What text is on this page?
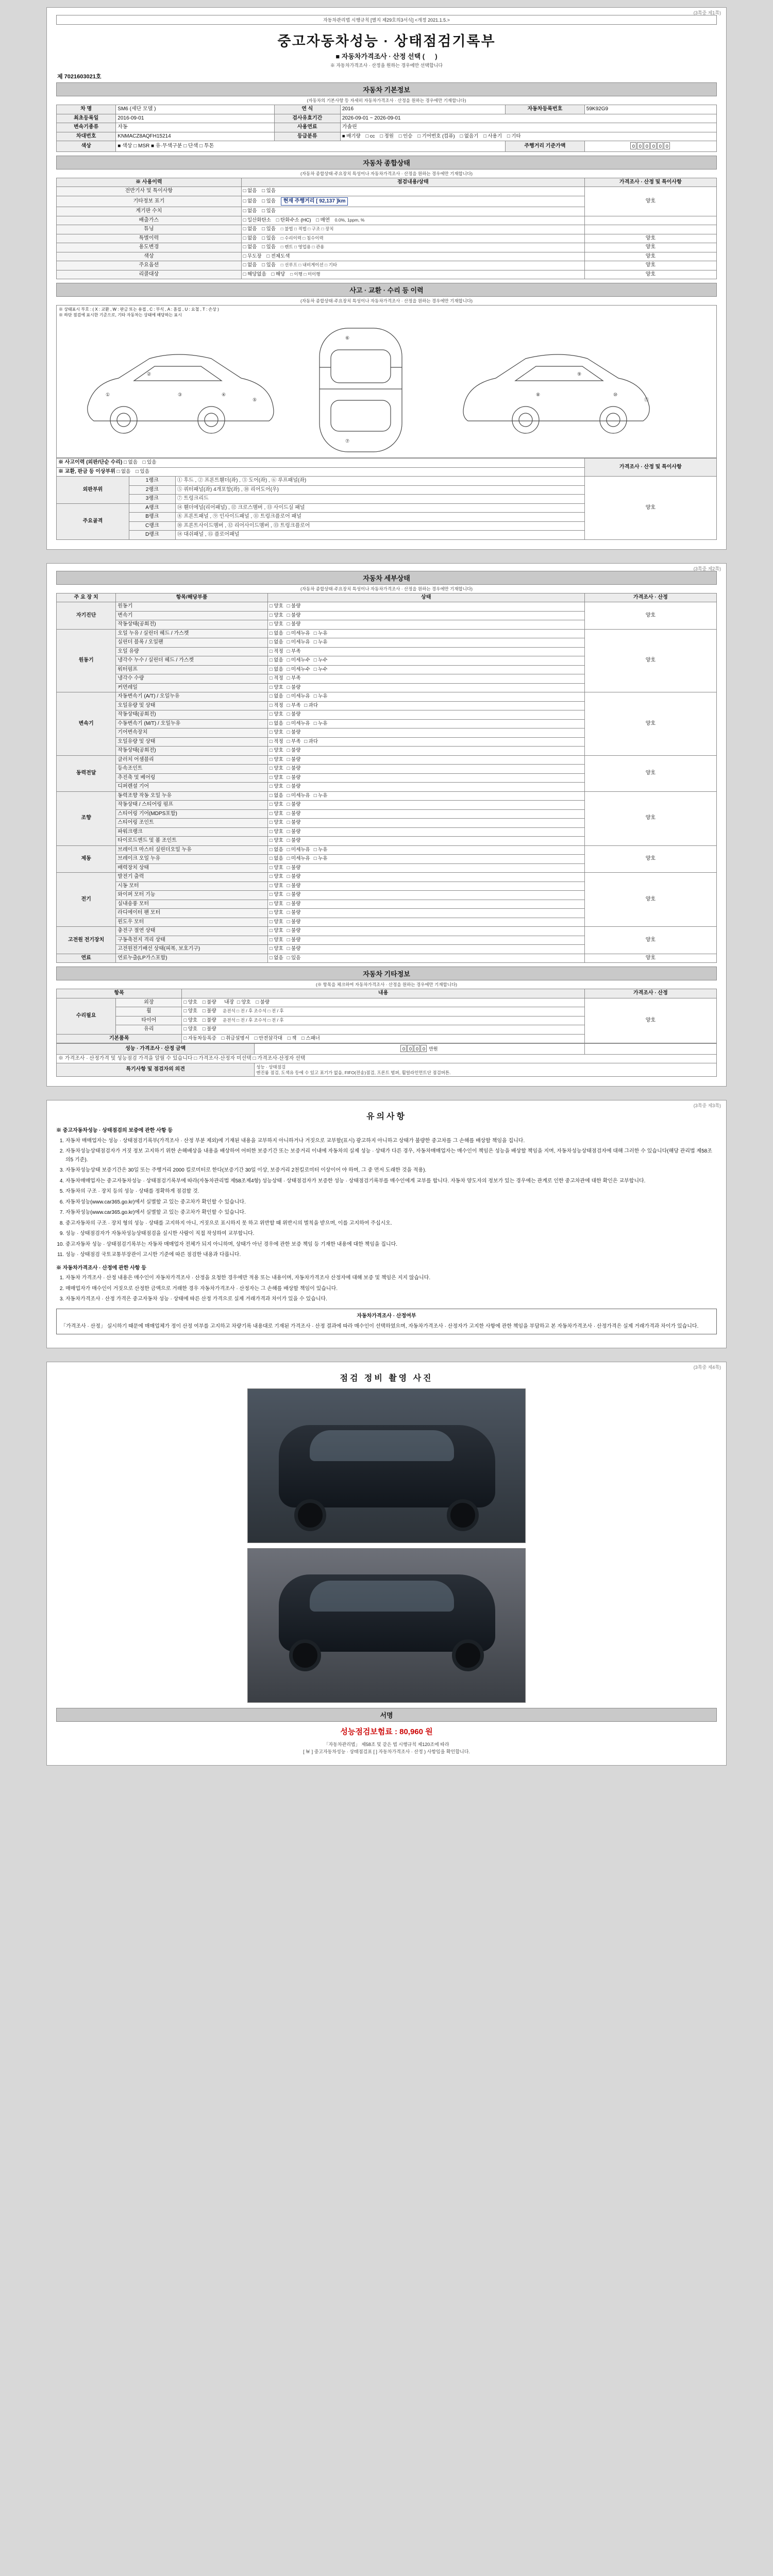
자동차관리법 시행규칙 [별지 제29호의3서식] <개정 2021.1.5.>
(3쪽중 제1쪽)
중고자동차성능 · 상태점검기록부
■ 자동차가격조사 · 산정 선택 ( 　 )
※ 자동차가격조사 · 산정을 원하는 경우에만 선택합니다
제 7021603021호
자동차 기본정보
(자동차의 기본사항 등 자세히 자동차가격조사 · 산정을 원하는 경우에만 기재합니다)
차 명	SM6 (세단 모델 )	연 식	2016	자동차등록번호	59K92G9
최초등록일	2016-09-01	검사유효기간	2026-09-01 ~ 2026-09-01		
변속기종류	자동	사용연료	가솔린		
차대번호	KNMACZ8AQFH15214	등급분류	■ 배기량 □ cc □ 정원 □ 인승 □ 기어번호 (컴퓨) □ 없음기 □ 사용기 □ 기타		
색상	■ 색상 □ MSR ■ 유·무색구분 □ 단색 □ 투톤			주행거리 기준가액	0 0 0 0 0 0
자동차 종합상태
(자동차 종합상태·주요장치 특성이나 자동차가격조사 · 산정을 원하는 경우에만 기재합니다)
※ 사용이력	점검내용/상태	가격조사 · 산정 및 특이사항
전반기사 및 특이사항	□ 없음 □ 있음	양호
기타정보 표기	□ 없음 □ 있음 현재 주행거리 [ 92,137 ]km	
계기판 수치	□ 없음 □ 있음	
배출가스	□ 일산화탄소 □ 탄화수소 (HC) □ 매연 0.0%, 1ppm, %	
튜닝	□ 없음 □ 있음 □ 불법 □ 적법 □ 구조 □ 장치	
특별이력	□ 없음 □ 있음 □ 수리이력 □ 침수이력	양호
용도변경	□ 없음 □ 있음 □ 렌트 □ 영업용 □ 관용	양호
색상	□ 무도장 □ 전체도색	양호
주요옵션	□ 없음 □ 있음 □ 선루프 □ 내비게이션 □ 기타	양호
리콜대상	□ 해당없음 □ 해당 □ 이행 □ 미이행	양호
사고 · 교환 · 수리 등 이력
(자동차 종합상태·주요장치 특성이나 자동차가격조사 · 산정을 원하는 경우에만 기재합니다)
※ 상태표시 부호 : ( X : 교환 , W : 판금 또는 용접 , C : 부식 , A : 흠집 , U : 요철 , T : 손상 )
※ 하단 점검에 표시한 기준으로, 기타 자동차는 상태에 해당하는 표시
①
②
③	④
⑤
⑥
⑦
⑧
⑨
⑩
⑪
※ 사고이력 (외판/단순 수리) □ 없음 □ 있음			가격조사 · 산정 및 특이사항
※ 교환, 판금 등 이상부위 □ 없음 □ 있음			
외판부위	1랭크	① 후드 , ② 프론트휀더(좌) , ③ 도어(좌) , ⑥ 루프패널(좌)	양호
	2랭크	⑤ 쿼터패널(좌) 4개포함(좌) , ⑩ 리어도어(우)	
	3랭크	⑦ 트렁크리드	
주요골격	A랭크	⑭ 휀더에널(리어패널) , ⑫ 크로스멤버 , ⑬ 사이드실 패널	
	B랭크	⑧ 프론트패널 , ⑨ 인사이드패널 , ⑪ 트렁크플로어 패널	
	C랭크	⑩ 프론트사이드멤버 , ⑫ 리어사이드멤버 , ⑬ 트렁크플로어	
	D랭크	⑭ 대쉬패널 , ⑮ 플로어패널	
(3쪽중 제2쪽)
자동차 세부상태
(자동차 종합상태·주요장치 특성이나 자동차가격조사 · 산정을 원하는 경우에만 기재합니다)
주 요 장 치	항목/해당부품	상태	가격조사 · 산정
자기진단	원동기	□ 양호 □ 불량	양호
	변속기	□ 양호 □ 불량	
	작동상태(공회전)	□ 양호 □ 불량	
원동기	오일 누유 / 실린더 헤드 / 가스켓	□ 없음 □ 미세누유 □ 누유	양호
	실린더 블록 / 오일팬	□ 없음 □ 미세누유 □ 누유	
	오일 유량	□ 적정 □ 부족	
	냉각수 누수 / 실린더 헤드 / 가스켓	□ 없음 □ 미세누수 □ 누수	
	워터펌프	□ 없음 □ 미세누수 □ 누수	
	냉각수 수량	□ 적정 □ 부족	
	커먼레일	□ 양호 □ 불량	
변속기	자동변속기 (A/T) / 오일누유	□ 없음 □ 미세누유 □ 누유	양호
	오일유량 및 상태	□ 적정 □ 부족 □ 과다	
	작동상태(공회전)	□ 양호 □ 불량	
	수동변속기 (M/T) / 오일누유	□ 없음 □ 미세누유 □ 누유	
	기어변속장치	□ 양호 □ 불량	
	오일유량 및 상태	□ 적정 □ 부족 □ 과다	
	작동상태(공회전)	□ 양호 □ 불량	
동력전달	클러치 어셈블리	□ 양호 □ 불량	양호
	등속조인트	□ 양호 □ 불량	
	추진축 및 베어링	□ 양호 □ 불량	
	디퍼렌셜 기어	□ 양호 □ 불량	
조향	동력조향 작동 오일 누유	□ 없음 □ 미세누유 □ 누유	양호
	작동상태 / 스티어링 펌프	□ 양호 □ 불량	
	스티어링 기어(MDPS포함)	□ 양호 □ 불량	
	스티어링 조인트	□ 양호 □ 불량	
	파워크랭크	□ 양호 □ 불량	
	타이로드엔드 및 볼 조인트	□ 양호 □ 불량	
제동	브레이크 마스터 실린더오일 누유	□ 없음 □ 미세누유 □ 누유	양호
	브레이크 오일 누유	□ 없음 □ 미세누유 □ 누유	
	배력장치 상태	□ 양호 □ 불량	
전기	발전기 출력	□ 양호 □ 불량	양호
	시동 모터	□ 양호 □ 불량	
	와이퍼 모터 기능	□ 양호 □ 불량	
	실내송풍 모터	□ 양호 □ 불량	
	라디에이터 팬 모터	□ 양호 □ 불량	
	윈도우 모터	□ 양호 □ 불량	
고전원 전기장치	충전구 절연 상태	□ 양호 □ 불량	양호
	구동축전지 격리 상태	□ 양호 □ 불량	
	고전원전기배선 상태(피복, 보호기구)	□ 양호 □ 불량	
연료	연료누출(LP가스포함)	□ 없음 □ 있음	양호
자동차 기타정보
(※ 항목을 체크하여 자동차가격조사 · 산정을 원하는 경우에만 기재합니다)
항목		내용	가격조사 · 산정
수리필요	외장	□ 양호 □ 불량 내장 □ 양호 □ 불량	양호
	휠	□ 양호 □ 불량 운전석 □ 전 / 후 조수석 □ 전 / 후	
	타이어	□ 양호 □ 불량 운전석 □ 전 / 후 조수석 □ 전 / 후	
	유리	□ 양호 □ 불량	
기본품목		□ 자동차등록증 □ 취급설명서 □ 안전삼각대 □ 잭 □ 스패너	
성능 · 가격조사 · 산정 금액	0 0 0 0 만원	
※ 가격조사 · 산정가격 및 성능점검 가격을 알릴 수 있습니다 □ 가격조사·산정자 미선택 □ 가격조사·산정자 선택		
특기사항 및 점검자의 의견	성능 · 상태점검
엔진룸 점검, 도색유 등에 수 있고 표기가 없음, FIFO(전송)점검, 프론트 범퍼, 휠얼라인먼트단 점검버튼.	
(3쪽중 제3쪽)
유의사항
※ 중고자동차성능 · 상태점검의 보증에 관한 사항 등
1. 자동차 매매업자는 성능 · 상태점검기록부(가격조사 · 산정 부분 제외)에 기재된 내용을 교부하지 아니하거나 거짓으로 교부할(표시) 광고하지 아니하고 상태가 불량한 중고차를 그 손해를 배상할 책임을 집니다.
2. 자동차성능상태점검자가 거짓 정보 고지하기 위한 손해배상을 내용을 배상하여 어떠한 보증기간 또는 보증거리 이내에 자동차의 실제 성능 · 상태가 다른 경우, 자동차매매업자는 매수인이 책임은 성능을 배상할 책임을 지며, 자동차성능상태점검자에 대해 그러한 수 있습니다(해당 관리법 제58조의5 기준).
3. 자동차성능상태 보증기간은 30일 또는 주행거리 2000 킬로미터로 한다(보증기간 30일 이상, 보증거리 2천킬로미터 이상이어 야 하며, 그 중 먼저 도래한 것을 적용).
4. 자동차매매업자는 중고자동차성능 · 상태점검기록부에 따라(자동차관리법 제58조제4항) 성능상태 · 상태점검자가 보증한 성능 · 상태점검기록부를 매수인에게 교부를 합니다. 자동차 양도자의 정보가 있는 경우에는 관계로 인한 중고차관에 대한 확인은 교부합니다.
5. 자동차의 구조 · 장치 등의 성능 · 상태를 정확하게 점검할 것.
6. 자동차성능(www.car365.go.kr)에서 실별할 고 있는 중고차가 확인할 수 있습니다.
7. 자동차성능(www.car365.go.kr)에서 실별할 고 있는 중고차가 확인할 수 있습니다.
8. 중고자동차의 구조 · 장치 형의 성능 · 상태를 고지하지 아니, 거짓으로 표시하지 못 하고 위반할 때 위반시의 벌칙을 받으며, 이를 고지하여 주십시오.
9. 성능 · 상태점검자가 자동차성능상태점검을 실시한 사람이 직접 작성하여 교부합니다.
10. 중고자동차 성능 · 상태점검기록부는 자동차 매매업자 전체가 되지 아니하며, 상태가 아닌 경우에 관한 보증 책임 등 기재한 내용에 대한 책임을 집니다.
11. 성능 · 상태점검 국토교통부장관이 고시한 기준에 따른 점검한 내용과 다릅니다.
※ 자동차가격조사 · 산정에 관한 사항 등
1. 자동차 가격조사 · 산정 내용은 매수인이 자동차가격조사 · 산정을 요청한 경우에만 적용 또는 내용이며, 자동차가격조사 산정자에 대해 보증 및 책임은 지지 않습니다.
2. 매매업자가 매수인이 거짓으로 산정한 금액으로 거래한 경우 자동차가격조사 · 산정자는 그 손해를 배상할 책임이 있습니다.
3. 자동차가격조사 · 산정 가격은 중고자동차 성능 · 상태에 따른 산정 가격으로 실제 거래가격과 차이가 있을 수 있습니다.
자동차가격조사 · 산정여부
「가격조사 · 산정」 실시하기 때문에 매매업체가 정이 산정 여부를 고지하고 차량기록 내용대로 기재된 가격조사 · 산정 결과에 따라 매수인이 선택하였으며, 자동차가격조사 · 산정자가 고지한 사항에 관한 책임을 부담하고 본 자동차가격조사 · 산정가격은 실제 거래가격과 차이가 있습니다.
(3쪽중 제4쪽)
점검 정비 촬영 사진
서명
성능점검보험료 : 80,960 원
「자동차관리법」 제58조 및 같은 법 시행규칙 제120조에 따라
[ ￦ ] 중고자동차성능 · 상태점검표 [ ] 자동차가격조사 · 산정 ) 사항임을 확인합니다.
